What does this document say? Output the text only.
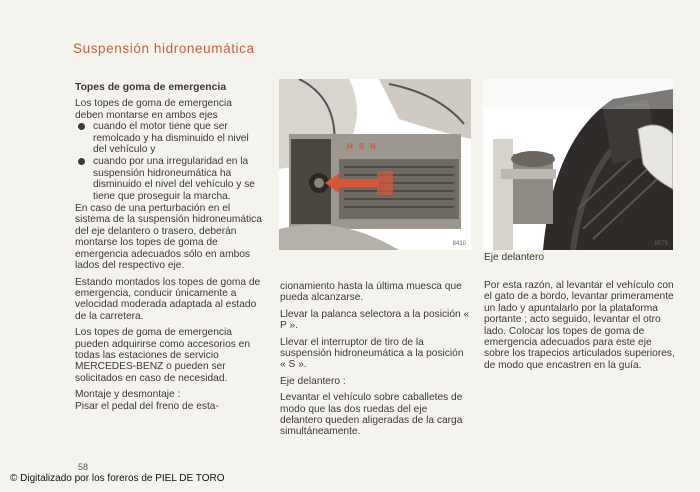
Suspensión hidroneumática
Topes de goma de emergencia
Los topes de goma de emergencia deben montarse en ambos ejes
cuando el motor tiene que ser remolcado y ha disminuido el nivel del vehículo y
cuando por una irregularidad en la suspensión hidroneumática ha disminuido el nivel del vehículo y se tiene que proseguir la marcha.

En caso de una perturbación en el sistema de la suspensión hidroneumática del eje delantero o trasero, deberán montarse los topes de goma de emergencia adecuados sólo en ambos lados del respectivo eje.

Estando montados los topes de goma de emergencia, conducir únicamente a velocidad moderada adaptada al estado de la carretera.

Los topes de goma de emergencia pueden adquirirse como accesorios en todas las estaciones de servicio MERCEDES-BENZ o pueden ser solicitados en caso de necesidad.

Montaje y desmontaje :
Pisar el pedal del freno de esta-
HSN
8410	8575
Eje delantero

cionamiento hasta la última muesca que pueda alcanzarse.

Llevar la palanca selectora a la posición « P ».

Llevar el interruptor de tiro de la suspensión hidroneumática a la posición « S ».

Eje delantero :

Levantar el vehículo sobre caballetes de modo que las dos ruedas del eje delantero queden aligeradas de la carga simultáneamente.

Por esta razón, al levantar el vehículo con el gato de a bordo, levantar primeramente un lado y apuntalarlo por la plataforma portante ; acto seguido, levantar el otro lado. Colocar los topes de goma de emergencia adecuados para este eje sobre los trapecios articulados superiores, de modo que encastren en la guía.

58
© Digitalizado por los foreros de PIEL DE TORO
